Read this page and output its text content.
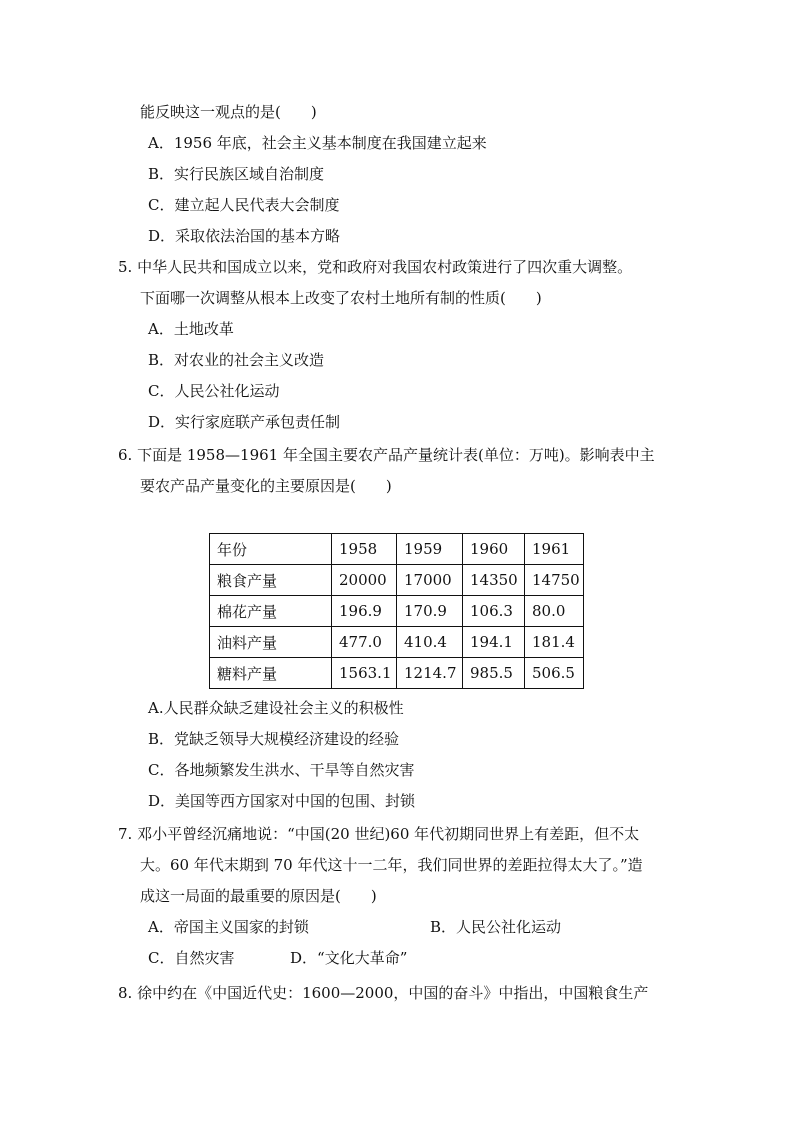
能反映这一观点的是(　　)
A．1956 年底，社会主义基本制度在我国建立起来
B．实行民族区域自治制度
C．建立起人民代表大会制度
D．采取依法治国的基本方略
5. 中华人民共和国成立以来，党和政府对我国农村政策进行了四次重大调整。
下面哪一次调整从根本上改变了农村土地所有制的性质(　　)
A．土地改革
B．对农业的社会主义改造
C．人民公社化运动
D．实行家庭联产承包责任制
6. 下面是 1958—1961 年全国主要农产品产量统计表(单位：万吨)。影响表中主
要农产品产量变化的主要原因是(　　)
年份	1958	1959	1960	1961
粮食产量	20000	17000	14350	14750
棉花产量	196.9	170.9	106.3	80.0
油料产量	477.0	410.4	194.1	181.4
糖料产量	1563.1	1214.7	985.5	506.5
A.人民群众缺乏建设社会主义的积极性
B．党缺乏领导大规模经济建设的经验
C．各地频繁发生洪水、干旱等自然灾害
D．美国等西方国家对中国的包围、封锁
7. 邓小平曾经沉痛地说：“中国(20 世纪)60 年代初期同世界上有差距，但不太
大。60 年代末期到 70 年代这十一二年，我们同世界的差距拉得太大了。”造
成这一局面的最重要的原因是(　　)
A．帝国主义国家的封锁	B．人民公社化运动
C．自然灾害	D．“文化大革命”
8. 徐中约在《中国近代史：1600—2000，中国的奋斗》中指出，中国粮食生产
